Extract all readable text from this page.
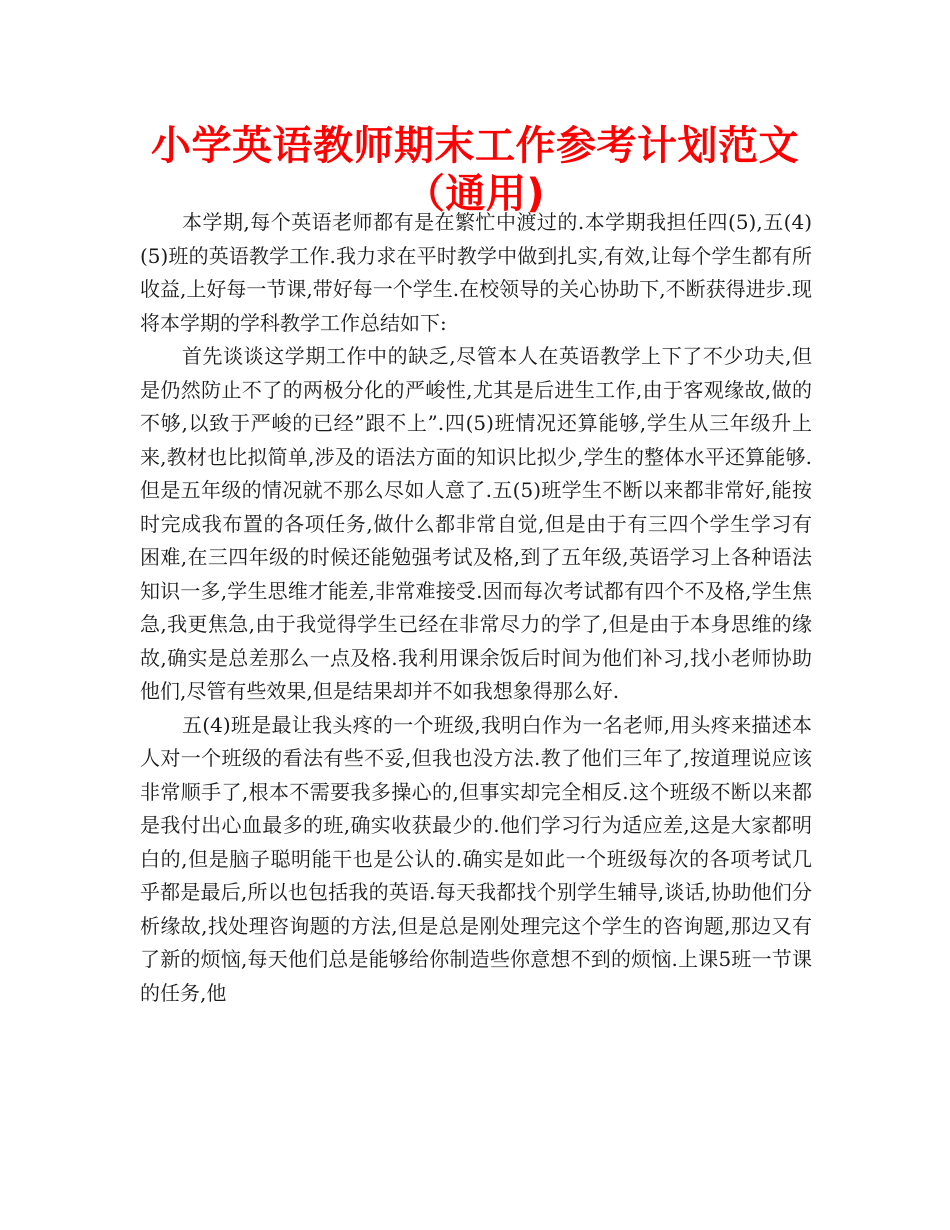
小学英语教师期末工作参考计划范文（通用)

本学期,每个英语老师都有是在繁忙中渡过的.本学期我担任四(5),五(4)(5)班的英语教学工作.我力求在平时教学中做到扎实,有效,让每个学生都有所收益,上好每一节课,带好每一个学生.在校领导的关心协助下,不断获得进步.现将本学期的学科教学工作总结如下:

首先谈谈这学期工作中的缺乏,尽管本人在英语教学上下了不少功夫,但是仍然防止不了的两极分化的严峻性,尤其是后进生工作,由于客观缘故,做的不够,以致于严峻的已经”跟不上”.四(5)班情况还算能够,学生从三年级升上来,教材也比拟简单,涉及的语法方面的知识比拟少,学生的整体水平还算能够.但是五年级的情况就不那么尽如人意了.五(5)班学生不断以来都非常好,能按时完成我布置的各项任务,做什么都非常自觉,但是由于有三四个学生学习有困难,在三四年级的时候还能勉强考试及格,到了五年级,英语学习上各种语法知识一多,学生思维才能差,非常难接受.因而每次考试都有四个不及格,学生焦急,我更焦急,由于我觉得学生已经在非常尽力的学了,但是由于本身思维的缘故,确实是总差那么一点及格.我利用课余饭后时间为他们补习,找小老师协助他们,尽管有些效果,但是结果却并不如我想象得那么好.

五(4)班是最让我头疼的一个班级,我明白作为一名老师,用头疼来描述本人对一个班级的看法有些不妥,但我也没方法.教了他们三年了,按道理说应该非常顺手了,根本不需要我多操心的,但事实却完全相反.这个班级不断以来都是我付出心血最多的班,确实收获最少的.他们学习行为适应差,这是大家都明白的,但是脑子聪明能干也是公认的.确实是如此一个班级每次的各项考试几乎都是最后,所以也包括我的英语.每天我都找个别学生辅导,谈话,协助他们分析缘故,找处理咨询题的方法,但是总是刚处理完这个学生的咨询题,那边又有了新的烦恼,每天他们总是能够给你制造些你意想不到的烦恼.上课5班一节课的任务,他
